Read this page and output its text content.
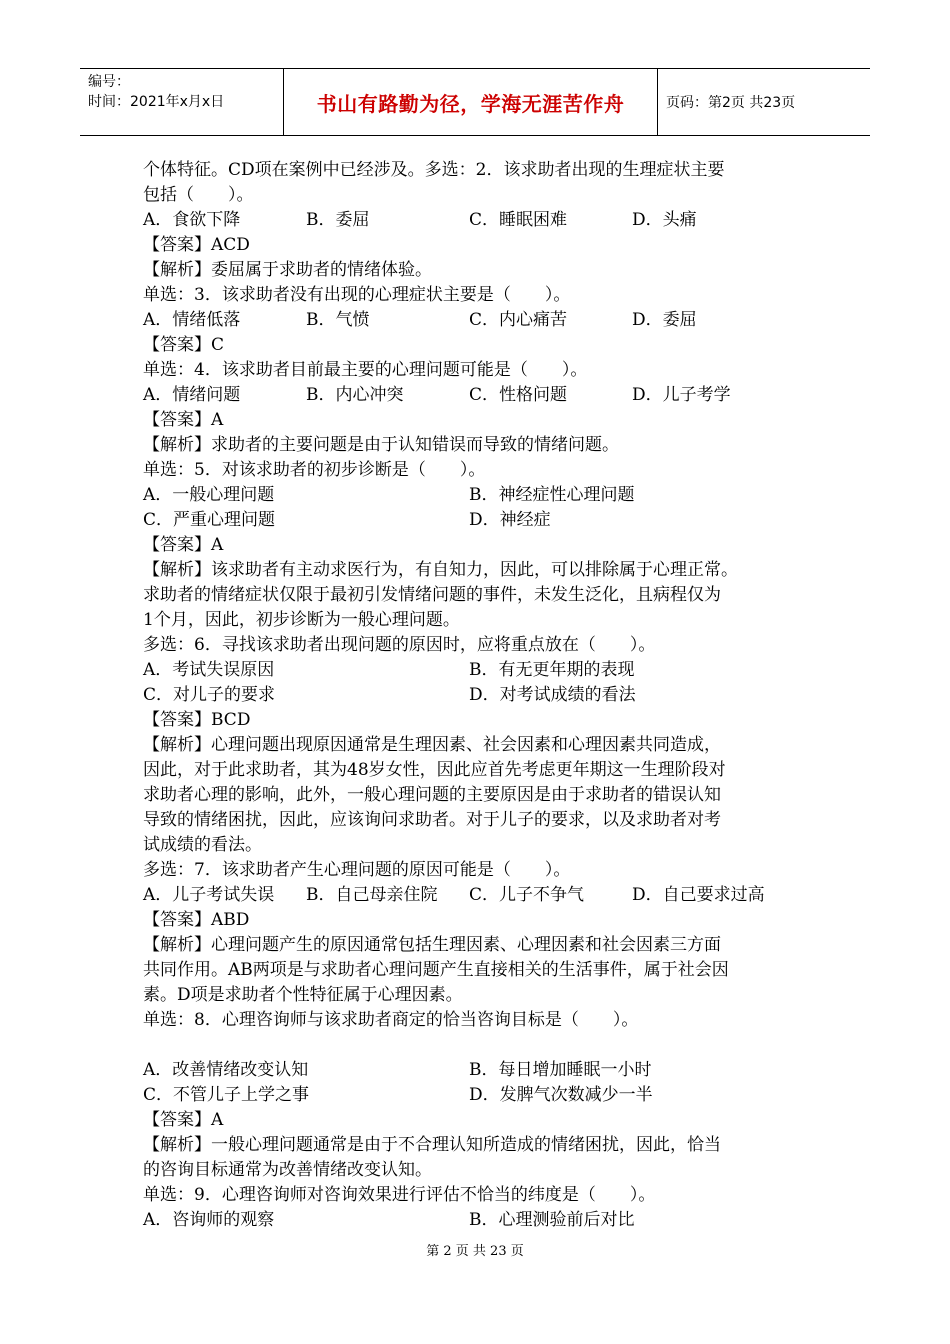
编号：
时间：2021年x月x日	书山有路勤为径，学海无涯苦作舟	页码：第2页 共23页

个体特征。CD项在案例中已经涉及。多选：2．该求助者出现的生理症状主要

包括（　　）。

A．食欲下降	B．委屈	C．睡眠困难	D．头痛

【答案】ACD

【解析】委屈属于求助者的情绪体验。

单选：3．该求助者没有出现的心理症状主要是（　　）。

A．情绪低落	B．气愤	C．内心痛苦	D．委屈

【答案】C

单选：4．该求助者目前最主要的心理问题可能是（　　）。

A．情绪问题	B．内心冲突	C．性格问题	D．儿子考学

【答案】A

【解析】求助者的主要问题是由于认知错误而导致的情绪问题。

单选：5．对该求助者的初步诊断是（　　）。

A．一般心理问题	B．神经症性心理问题
C．严重心理问题	D．神经症

【答案】A

【解析】该求助者有主动求医行为，有自知力，因此，可以排除属于心理正常。

求助者的情绪症状仅限于最初引发情绪问题的事件，未发生泛化，且病程仅为

1个月，因此，初步诊断为一般心理问题。

多选：6．寻找该求助者出现问题的原因时，应将重点放在（　　）。

A．考试失误原因	B．有无更年期的表现
C．对儿子的要求	D．对考试成绩的看法

【答案】BCD

【解析】心理问题出现原因通常是生理因素、社会因素和心理因素共同造成，

因此，对于此求助者，其为48岁女性，因此应首先考虑更年期这一生理阶段对

求助者心理的影响，此外，一般心理问题的主要原因是由于求助者的错误认知

导致的情绪困扰，因此，应该询问求助者。对于儿子的要求，以及求助者对考

试成绩的看法。

多选：7．该求助者产生心理问题的原因可能是（　　）。

A．儿子考试失误	B．自己母亲住院	C．儿子不争气	D．自己要求过高

【答案】ABD

【解析】心理问题产生的原因通常包括生理因素、心理因素和社会因素三方面

共同作用。AB两项是与求助者心理问题产生直接相关的生活事件，属于社会因

素。D项是求助者个性特征属于心理因素。

单选：8．心理咨询师与该求助者商定的恰当咨询目标是（　　）。

A．改善情绪改变认知	B．每日增加睡眠一小时
C．不管儿子上学之事	D．发脾气次数减少一半

【答案】A

【解析】一般心理问题通常是由于不合理认知所造成的情绪困扰，因此，恰当

的咨询目标通常为改善情绪改变认知。

单选：9．心理咨询师对咨询效果进行评估不恰当的纬度是（　　）。

A．咨询师的观察	B．心理测验前后对比
第 2 页 共 23 页
